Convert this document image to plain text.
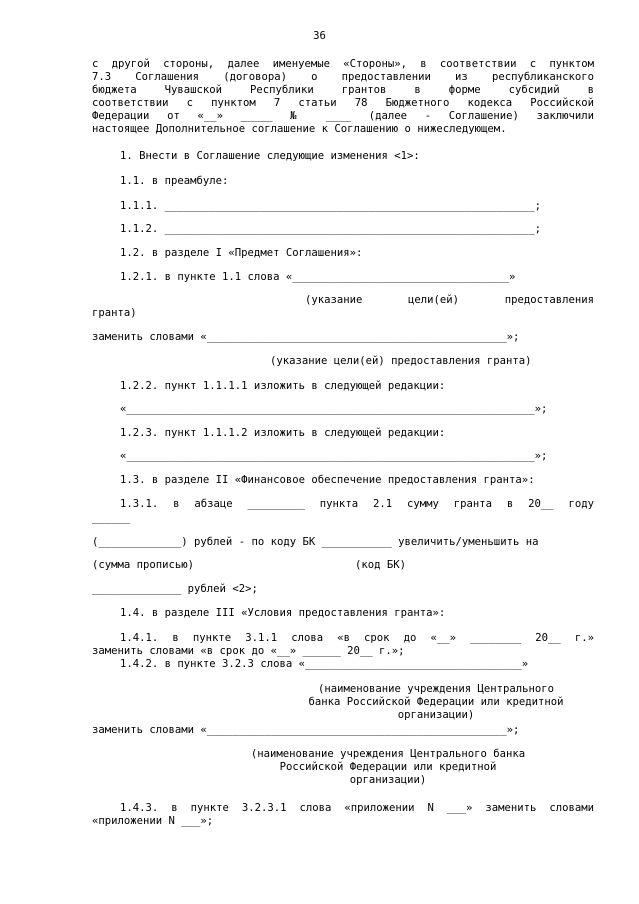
36
с другой стороны, далее именуемые «Стороны», в соответствии с пунктом
7.3 Соглашения (договора) о предоставлении из республиканского
бюджета Чувашской Республики грантов в форме субсидий в
соответствии с пунктом 7 статьи 78 Бюджетного кодекса Российской
Федерации от «__» _____ № ____ (далее - Соглашение) заключили
настоящее Дополнительное соглашение к Соглашению о нижеследующем.
1. Внести в Соглашение следующие изменения <1>:
1.1. в преамбуле:
1.1.1. __________________________________________________________;
1.1.2. __________________________________________________________;
1.2. в разделе I «Предмет Соглашения»:
1.2.1. в пункте 1.1 слова «__________________________________»
(указание цели(ей) предоставления
гранта)
заменить словами «_______________________________________________»;
(указание цели(ей) предоставления гранта)
1.2.2. пункт 1.1.1.1 изложить в следующей редакции:
«________________________________________________________________»;
1.2.3. пункт 1.1.1.2 изложить в следующей редакции:
«________________________________________________________________»;
1.3. в разделе II «Финансовое обеспечение предоставления гранта»:
1.3.1. в абзаце _________ пункта 2.1 сумму гранта в 20__ году
______
(_____________) рублей - по коду БК ___________ увеличить/уменьшить на
(сумма прописью)	(код БК)
______________ рублей <2>;
1.4. в разделе III «Условия предоставления гранта»:
1.4.1. в пункте 3.1.1 слова «в срок до «__» ________ 20__ г.»
заменить словами «в срок до «__» ______ 20__ г.»;
1.4.2. в пункте 3.2.3 слова «__________________________________»
(наименование учреждения Центрального
банка Российской Федерации или кредитной
организации)
заменить словами «_______________________________________________»;
(наименование учреждения Центрального банка
Российской Федерации или кредитной
организации)
1.4.3. в пункте 3.2.3.1 слова «приложении N ___» заменить словами
«приложении N ___»;
